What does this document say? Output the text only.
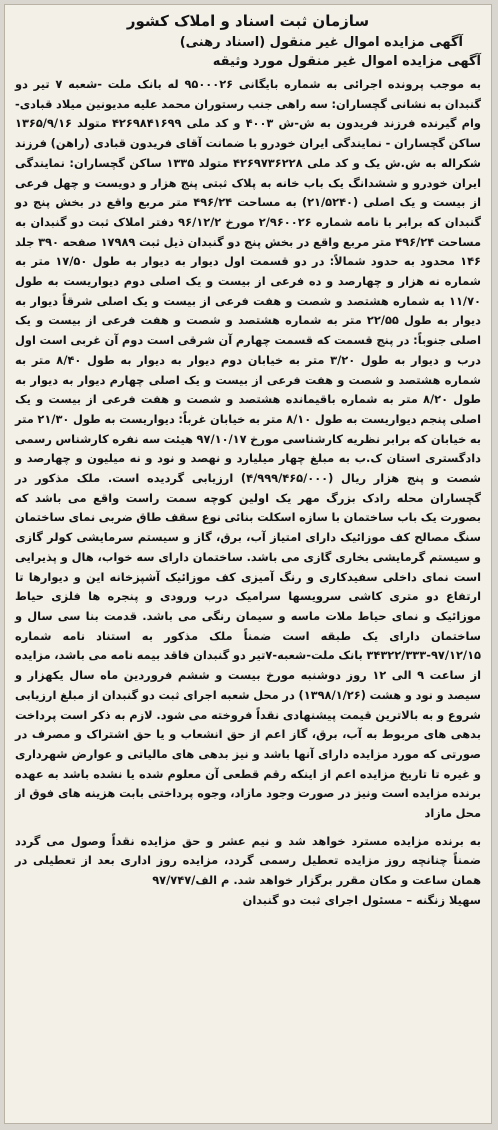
سازمان ثبت اسناد و املاک کشور
آگهی مزایده اموال غیر منقول (اسناد رهنی)
آگهی مزایده اموال غیر منقول مورد وثیقه

به موجب پرونده اجرائی به شماره بایگانی ۹۵۰۰۰۲۶ له بانک ملت -شعبه ۷ تیر دو گنبدان به نشانی گچساران: سه راهی جنب رستوران محمد علیه مدیونین میلاد قبادی- وام گیرنده فرزند فریدون به ش-ش ۴۰۰۳ و کد ملی ۴۲۶۹۸۴۱۶۹۹ متولد ۱۳۶۵/۹/۱۶ ساکن گچساران - نمایندگی ایران خودرو با ضمانت آقای فریدون قبادی (راهن) فرزند شکراله به ش.ش یک و کد ملی ۴۲۶۹۷۳۶۲۲۸ متولد ۱۳۳۵ ساکن گچساران: نمایندگی ایران خودرو و ششدانگ یک باب خانه به پلاک ثبتی پنج هزار و دویست و چهل فرعی از بیست و یک اصلی (۲۱/۵۲۴۰) به مساحت ۴۹۶/۲۴ متر مربع واقع در بخش پنج دو گنبدان که برابر با نامه شماره ۲/۹۶۰۰۲۶ مورخ ۹۶/۱۲/۲ دفتر املاک ثبت دو گنبدان به مساحت ۴۹۶/۲۴ متر مربع واقع در بخش پنج دو گنبدان ذیل ثبت ۱۷۹۸۹ صفحه ۳۹۰ جلد ۱۴۶ محدود به حدود شمالاً: در دو قسمت اول دیوار به دیوار به طول ۱۷/۵۰ متر به شماره نه هزار و چهارصد و ده فرعی از بیست و یک اصلی دوم دیواریست به طول ۱۱/۷۰ به شماره هشتصد و شصت و هفت فرعی از بیست و یک اصلی شرقاً دیوار به دیوار به طول ۲۲/۵۵ متر به شماره هشتصد و شصت و هفت فرعی از بیست و یک اصلی جنوباً: در پنج قسمت که قسمت چهارم آن شرقی است دوم آن غربی است اول درب و دیوار به طول ۳/۲۰ متر به خیابان دوم دیوار به دیوار به طول ۸/۴۰ متر به شماره هشتصد و شصت و هفت فرعی از بیست و یک اصلی چهارم دیوار به دیوار به طول ۸/۲۰ متر به شماره باقیمانده هشتصد و شصت و هفت فرعی از بیست و یک اصلی پنجم دیواریست به طول ۸/۱۰ متر به خیابان غرباً: دیواریست به طول ۲۱/۳۰ متر به خیابان که برابر نظریه کارشناسی مورخ ۹۷/۱۰/۱۷ هیئت سه نفره کارشناس رسمی دادگستری استان ک.ب به مبلغ چهار میلیارد و نهصد و نود و نه میلیون و چهارصد و شصت و پنج هزار ریال (۴/۹۹۹/۴۶۵/۰۰۰) ارزیابی گردیده است. ملک مذکور در گچساران محله رادک بزرگ مهر یک اولین کوچه سمت راست واقع می باشد که بصورت یک باب ساختمان با سازه اسکلت بنائی نوع سقف طاق ضربی نمای ساختمان سنگ مصالح کف موزائیک دارای امتیاز آب، برق، گاز و سیستم سرمایشی کولر گازی و سیستم گرمایشی بخاری گازی می باشد. ساختمان دارای سه خواب، هال و پذیرایی است نمای داخلی سفیدکاری و رنگ آمیزی کف موزائیک آشپزخانه این و دیوارها تا ارتفاع دو متری کاشی سرویسها سرامیک درب ورودی و پنجره ها فلزی حیاط موزائیک و نمای حیاط ملات ماسه و سیمان رنگی می باشد. قدمت بنا سی سال و ساختمان دارای یک طبقه است ضمناً ملک مذکور به استناد نامه شماره ۹۷/۱۲/۱۵-۳۴۳۲۲/۳۳۳ بانک ملت-شعبه-۷تیر دو گنبدان فاقد بیمه نامه می باشد، مزایده از ساعت ۹ الی ۱۲ روز دوشنبه مورخ بیست و ششم فروردین ماه سال یکهزار و سیصد و نود و هشت (۱۳۹۸/۱/۲۶) در محل شعبه اجرای ثبت دو گنبدان از مبلغ ارزیابی شروع و به بالاترین قیمت پیشنهادی نقداً فروخته می شود. لازم به ذکر است پرداخت بدهی های مربوط به آب، برق، گاز اعم از حق انشعاب و یا حق اشتراک و مصرف در صورتی که مورد مزایده دارای آنها باشد و نیز بدهی های مالیاتی و عوارض شهرداری و غیره تا تاریخ مزایده اعم از اینکه رقم قطعی آن معلوم شده یا نشده باشد به عهده برنده مزایده است ونیز در صورت وجود مازاد، وجوه پرداختی بابت هزینه های فوق از محل مازاد

به برنده مزایده مسترد خواهد شد و نیم عشر و حق مزایده نقداً وصول می گردد ضمناً چنانچه روز مزایده تعطیل رسمی گردد، مزایده روز اداری بعد از تعطیلی در همان ساعت و مکان مقرر برگزار خواهد شد. م الف/۹۷/۷۴۷

سهیلا زنگنه – مسئول اجرای ثبت دو گنبدان
